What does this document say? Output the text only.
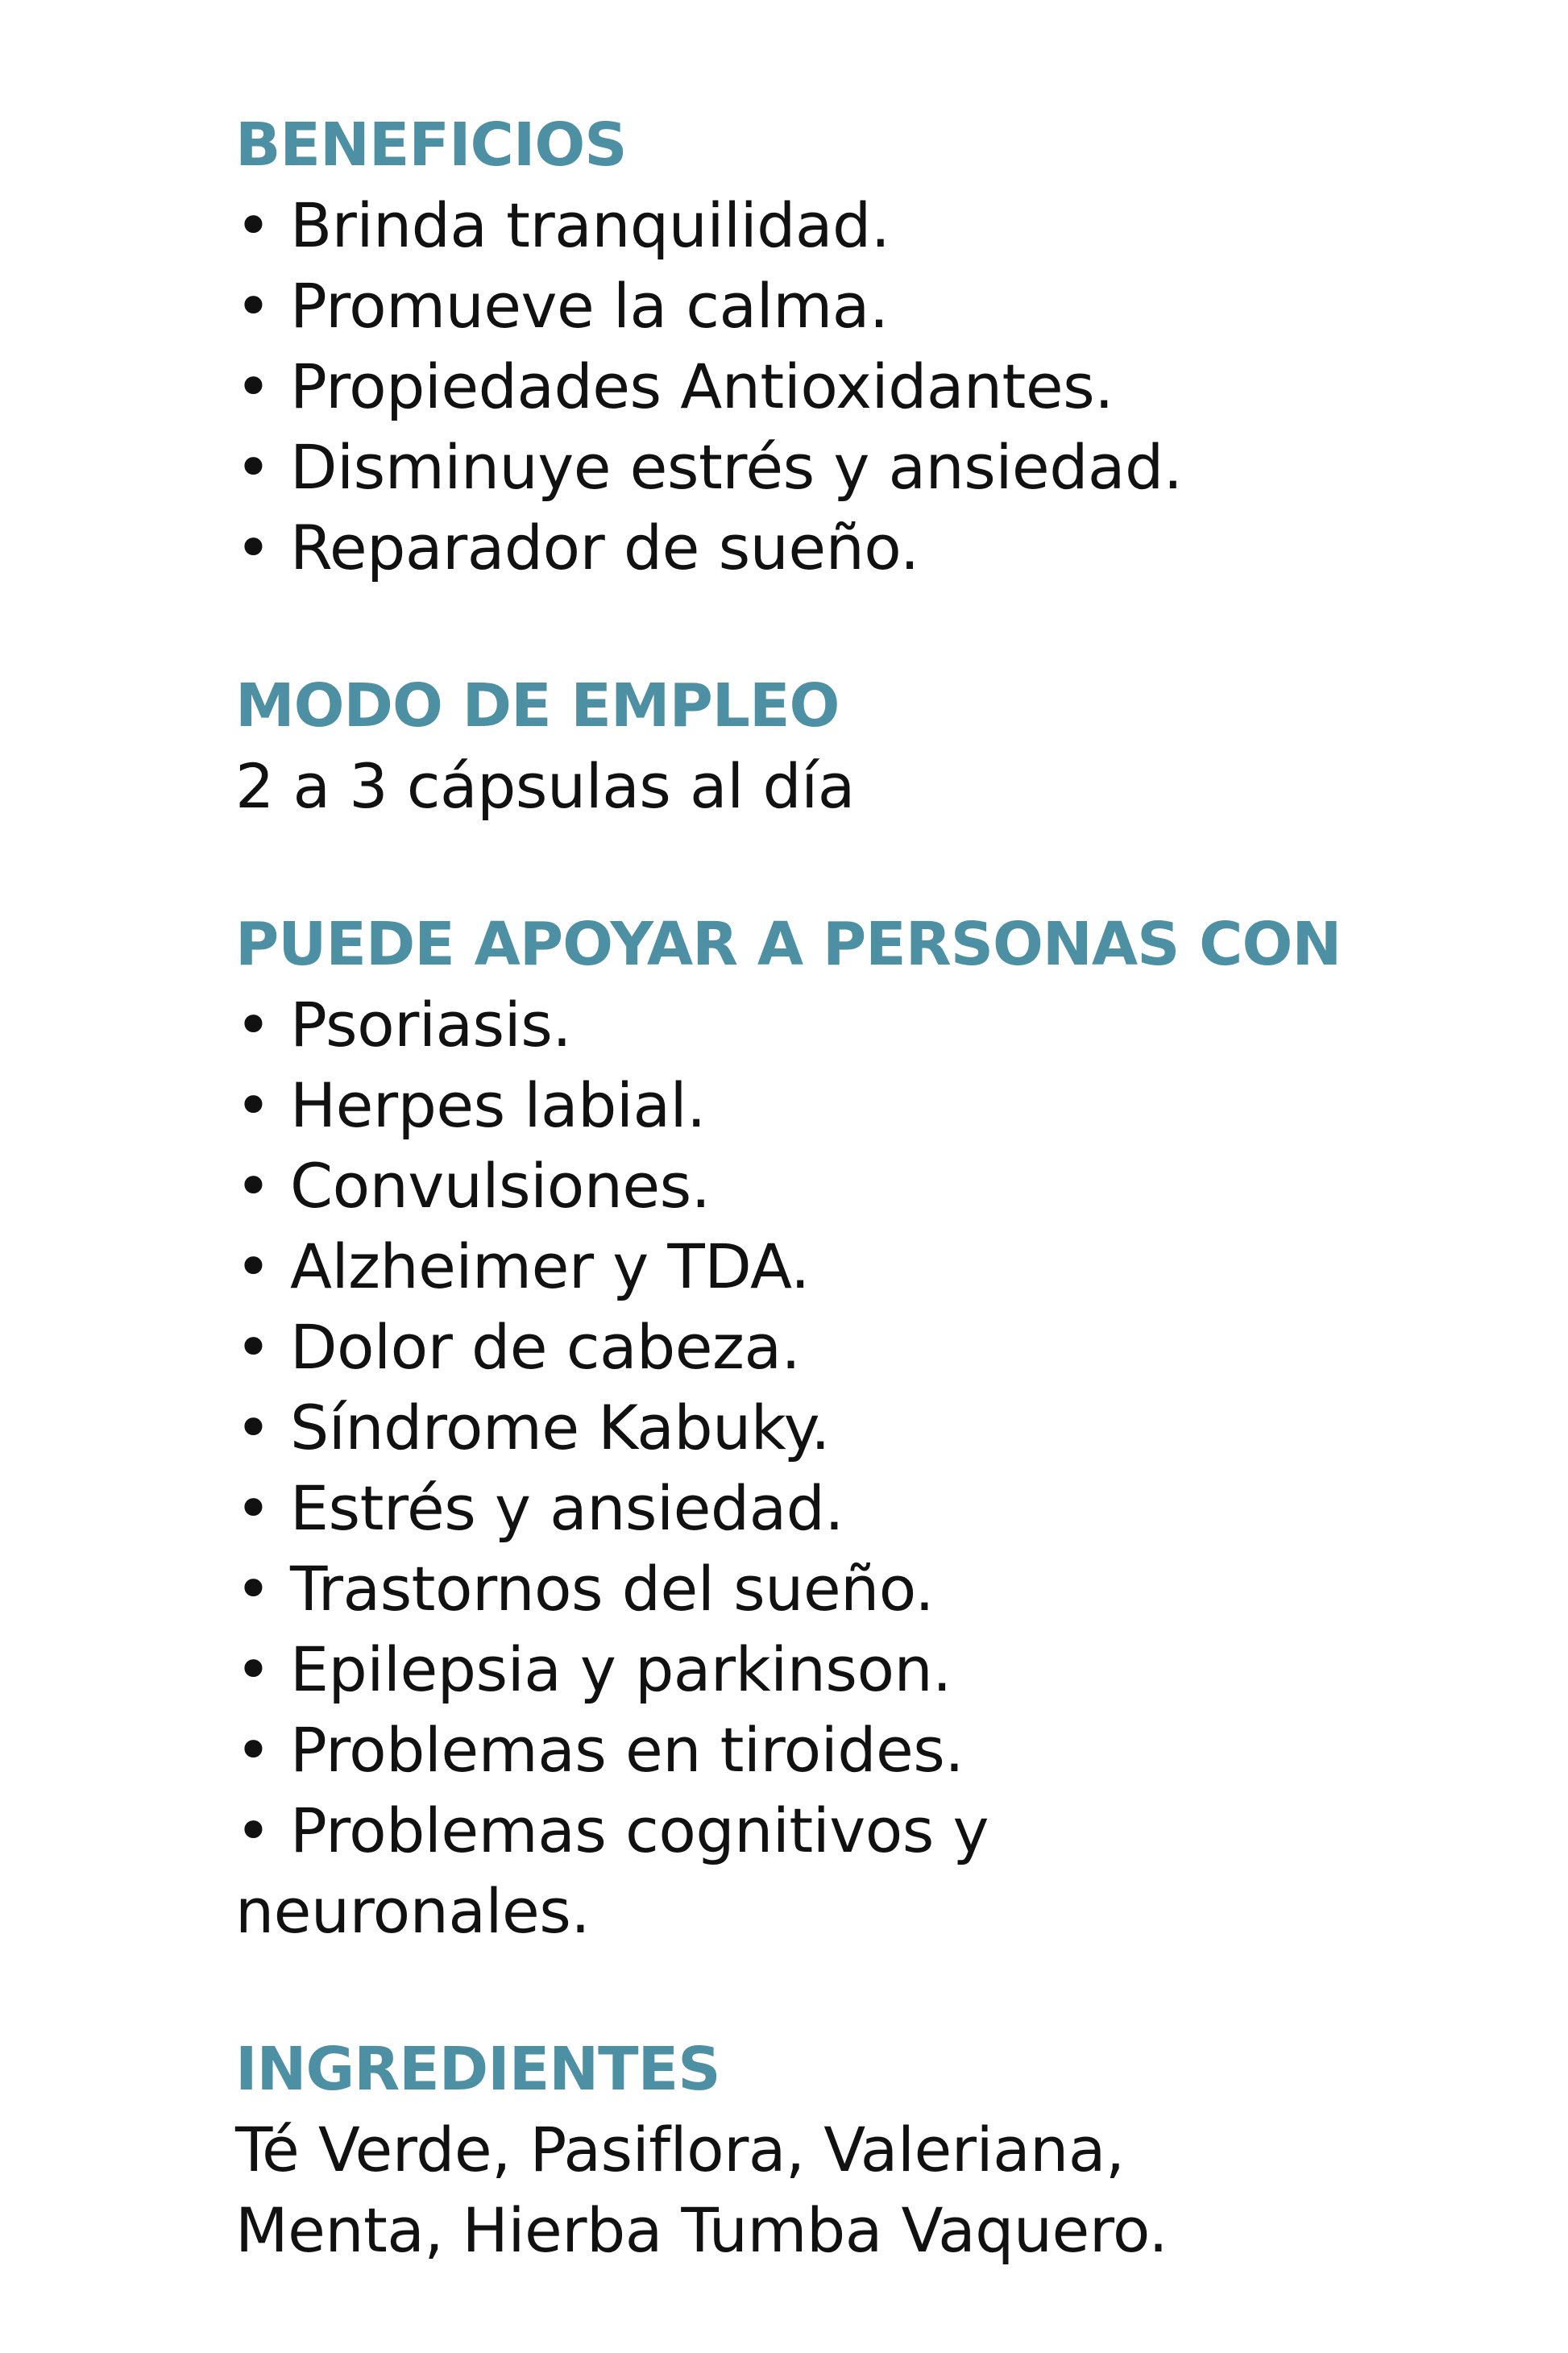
BENEFICIOS
• Brinda tranquilidad.
• Promueve la calma.
• Propiedades Antioxidantes.
• Disminuye estrés y ansiedad.
• Reparador de sueño.
MODO DE EMPLEO

2 a 3 cápsulas al día

PUEDE APOYAR A PERSONAS CON
• Psoriasis.
• Herpes labial.
• Convulsiones.
• Alzheimer y TDA.
• Dolor de cabeza.
• Síndrome Kabuky.
• Estrés y ansiedad.
• Trastornos del sueño.
• Epilepsia y parkinson.
• Problemas en tiroides.
• Problemas cognitivos y neuronales.
INGREDIENTES

Té Verde, Pasiflora, Valeriana,

Menta, Hierba Tumba Vaquero.
